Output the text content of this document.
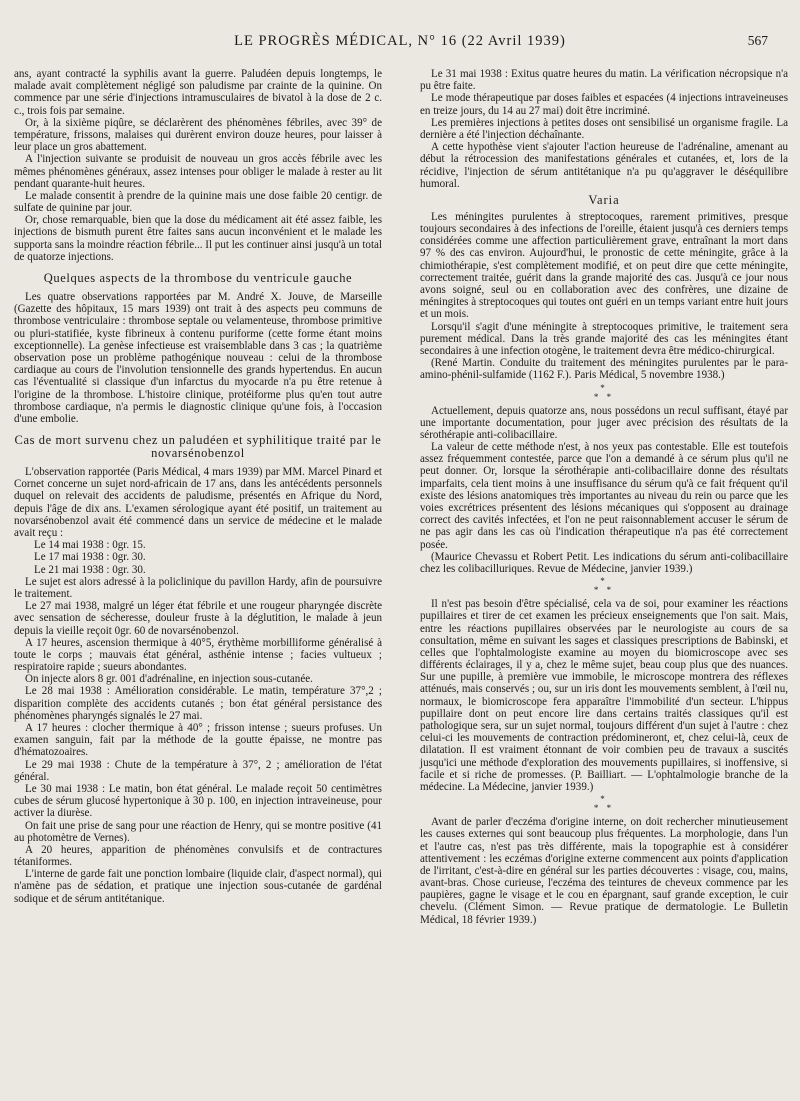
LE PROGRÈS MÉDICAL, N° 16 (22 Avril 1939)	567

ans, ayant contracté la syphilis avant la guerre. Paludéen depuis longtemps, le malade avait complètement négligé son paludisme par crainte de la quinine. On commence par une série d'injections intramusculaires de bivatol à la dose de 2 c. c., trois fois par semaine.

Or, à la sixième piqûre, se déclarèrent des phénomènes fébriles, avec 39° de température, frissons, malaises qui durèrent environ douze heures, pour laisser à leur place un gros abattement.

A l'injection suivante se produisit de nouveau un gros accès fébrile avec les mêmes phénomènes généraux, assez intenses pour obliger le malade à rester au lit pendant quarante-huit heures.

Le malade consentit à prendre de la quinine mais une dose faible 20 centigr. de sulfate de quinine par jour.

Or, chose remarquable, bien que la dose du médicament ait été assez faible, les injections de bismuth purent être faites sans aucun inconvénient et le malade les supporta sans la moindre réaction fébrile... Il put les continuer ainsi jusqu'à un total de quatorze injections.

Quelques aspects de la thrombose du ventricule gauche

Les quatre observations rapportées par M. André X. Jouve, de Marseille (Gazette des hôpitaux, 15 mars 1939) ont trait à des aspects peu communs de thrombose ventriculaire : thrombose septale ou velamenteuse, thrombose primitive ou pluri-statifiée, kyste fibrineux à contenu puriforme (cette forme étant moins exceptionnelle). La genèse infectieuse est vraisemblable dans 3 cas ; la quatrième observation pose un problème pathogénique nouveau : celui de la thrombose cardiaque au cours de l'involution tensionnelle des grands hypertendus. En aucun cas l'éventualité si classique d'un infarctus du myocarde n'a pu être retenue à l'origine de la thrombose. L'histoire clinique, protéiforme plus qu'en tout autre thrombose cardiaque, n'a permis le diagnostic clinique qu'une fois, à l'occasion d'une embolie.

Cas de mort survenu chez un paludéen et syphilitique traité par le novarsénobenzol

L'observation rapportée (Paris Médical, 4 mars 1939) par MM. Marcel Pinard et Cornet concerne un sujet nord-africain de 17 ans, dans les antécédents personnels duquel on relevait des accidents de paludisme, présentés en Afrique du Nord, depuis l'âge de dix ans. L'examen sérologique ayant été positif, un traitement au novarsénobenzol avait été commencé dans un service de médecine et le malade avait reçu :

Le 14 mai 1938 : 0gr. 15.

Le 17 mai 1938 : 0gr. 30.

Le 21 mai 1938 : 0gr. 30.

Le sujet est alors adressé à la policlinique du pavillon Hardy, afin de poursuivre le traitement.

Le 27 mai 1938, malgré un léger état fébrile et une rougeur pharyngée discrète avec sensation de sécheresse, douleur fruste à la déglutition, le malade à jeun depuis la vieille reçoit 0gr. 60 de novarsénobenzol.

A 17 heures, ascension thermique à 40°5, érythème morbilliforme généralisé à toute le corps ; mauvais état général, asthénie intense ; facies vultueux ; respiratoire rapide ; sueurs abondantes.

On injecte alors 8 gr. 001 d'adrénaline, en injection sous-cutanée.

Le 28 mai 1938 : Amélioration considérable. Le matin, température 37°,2 ; disparition complète des accidents cutanés ; bon état général persistance des phénomènes pharyngés signalés le 27 mai.

A 17 heures : clocher thermique à 40° ; frisson intense ; sueurs profuses. Un examen sanguin, fait par la méthode de la goutte épaisse, ne montre pas d'hématozoaires.

Le 29 mai 1938 : Chute de la température à 37°, 2 ; amélioration de l'état général.

Le 30 mai 1938 : Le matin, bon état général. Le malade reçoit 50 centimètres cubes de sérum glucosé hypertonique à 30 p. 100, en injection intraveineuse, pour activer la diurèse.

On fait une prise de sang pour une réaction de Henry, qui se montre positive (41 au photomètre de Vernes).

A 20 heures, apparition de phénomènes convulsifs et de contractures tétaniformes.

L'interne de garde fait une ponction lombaire (liquide clair, d'aspect normal), qui n'amène pas de sédation, et pratique une injection sous-cutanée de gardénal sodique et de sérum antitétanique.

Le 31 mai 1938 : Exitus quatre heures du matin. La vérification nécropsique n'a pu être faite.

Le mode thérapeutique par doses faibles et espacées (4 injections intraveineuses en treize jours, du 14 au 27 mai) doit être incriminé.

Les premières injections à petites doses ont sensibilisé un organisme fragile. La dernière a été l'injection déchaînante.

A cette hypothèse vient s'ajouter l'action heureuse de l'adrénaline, amenant au début la rétrocession des manifestations générales et cutanées, et, lors de la récidive, l'injection de sérum antitétanique n'a pu qu'aggraver le déséquilibre humoral.

Varia

Les méningites purulentes à streptocoques, rarement primitives, presque toujours secondaires à des infections de l'oreille, étaient jusqu'à ces derniers temps considérées comme une affection particulièrement grave, entraînant la mort dans 97 % des cas environ. Aujourd'hui, le pronostic de cette méningite, grâce à la chimiothérapie, s'est complètement modifié, et on peut dire que cette méningite, correctement traitée, guérit dans la grande majorité des cas. Jusqu'à ce jour nous avons soigné, seul ou en collaboration avec des confrères, une dizaine de méningites à streptocoques qui toutes ont guéri en un temps variant entre huit jours et un mois.

Lorsqu'il s'agit d'une méningite à streptocoques primitive, le traitement sera purement médical. Dans la très grande majorité des cas les méningites étant secondaires à une infection otogène, le traitement devra être médico-chirurgical.

(René Martin. Conduite du traitement des méningites purulentes par le para-amino-phénil-sulfamide (1162 F.). Paris Médical, 5 novembre 1938.)

*
* *

Actuellement, depuis quatorze ans, nous possédons un recul suffisant, étayé par une importante documentation, pour juger avec précision des résultats de la sérothérapie anti-colibacillaire.

La valeur de cette méthode n'est, à nos yeux pas contestable. Elle est toutefois assez fréquemment contestée, parce que l'on a demandé à ce sérum plus qu'il ne peut donner. Or, lorsque la sérothérapie anti-colibacillaire donne des résultats imparfaits, cela tient moins à une insuffisance du sérum qu'à ce fait fréquent qu'il existe des lésions anatomiques très importantes au niveau du rein ou parce que les voies excrétrices présentent des lésions mécaniques qui s'opposent au drainage correct des cavités infectées, et l'on ne peut raisonnablement accuser le sérum de ne pas agir dans les cas où l'indication thérapeutique n'a pas été correctement posée.

(Maurice Chevassu et Robert Petit. Les indications du sérum anti-colibacillaire chez les colibacilluriques. Revue de Médecine, janvier 1939.)

*
* *

Il n'est pas besoin d'être spécialisé, cela va de soi, pour examiner les réactions pupillaires et tirer de cet examen les précieux enseignements que l'on sait. Mais, entre les réactions pupillaires observées par le neurologiste au cours de sa consultation, même en suivant les sages et classiques prescriptions de Babinski, et celles que l'ophtalmologiste examine au moyen du biomicroscope avec ses différents éclairages, il y a, chez le même sujet, beau coup plus que des nuances. Sur une pupille, à première vue immobile, le microscope montrera des réflexes atténués, mais conservés ; ou, sur un iris dont les mouvements semblent, à l'œil nu, normaux, le biomicroscope fera apparaître l'immobilité d'un secteur. L'hippus pupillaire dont on peut encore lire dans certains traités classiques qu'il est pathologique sera, sur un sujet normal, toujours différent d'un sujet à l'autre : chez celui-ci les mouvements de contraction prédomineront, et, chez celui-là, ceux de dilatation. Il est vraiment étonnant de voir combien peu de travaux a suscités jusqu'ici une méthode d'exploration des mouvements pupillaires, si inoffensive, si facile et si riche de promesses. (P. Bailliart. — L'ophtalmologie branche de la médecine. La Médecine, janvier 1939.)

*
* *

Avant de parler d'eczéma d'origine interne, on doit rechercher minutieusement les causes externes qui sont beaucoup plus fréquentes. La morphologie, dans l'un et l'autre cas, n'est pas très différente, mais la topographie est à considérer attentivement : les eczémas d'origine externe commencent aux points d'application de l'irritant, c'est-à-dire en général sur les parties découvertes : visage, cou, mains, avant-bras. Chose curieuse, l'eczéma des teintures de cheveux commence par les paupières, gagne le visage et le cou en épargnant, sauf grande exception, le cuir chevelu. (Clément Simon. — Revue pratique de dermatologie. Le Bulletin Médical, 18 février 1939.)
